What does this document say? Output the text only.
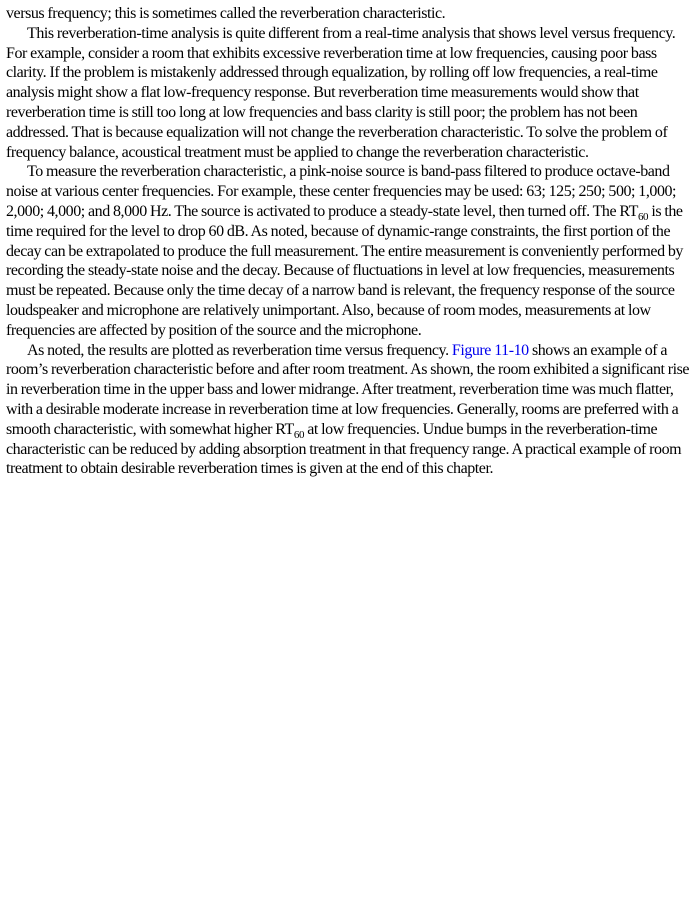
versus frequency; this is sometimes called the reverberation characteristic.

This reverberation-time analysis is quite different from a real-time analysis that shows level versus frequency. For example, consider a room that exhibits excessive reverberation time at low frequencies, causing poor bass clarity. If the problem is mistakenly addressed through equalization, by rolling off low frequencies, a real-time analysis might show a flat low-frequency response. But reverberation time measurements would show that reverberation time is still too long at low frequencies and bass clarity is still poor; the problem has not been addressed. That is because equalization will not change the reverberation characteristic. To solve the problem of frequency balance, acoustical treatment must be applied to change the reverberation characteristic.

To measure the reverberation characteristic, a pink-noise source is band-pass filtered to produce octave-band noise at various center frequencies. For example, these center frequencies may be used: 63; 125; 250; 500; 1,000; 2,000; 4,000; and 8,000 Hz. The source is activated to produce a steady-state level, then turned off. The $RT_{60}$ is the time required for the level to drop 60 dB. As noted, because of dynamic-range constraints, the first portion of the decay can be extrapolated to produce the full measurement. The entire measurement is conveniently performed by recording the steady-state noise and the decay. Because of fluctuations in level at low frequencies, measurements must be repeated. Because only the time decay of a narrow band is relevant, the frequency response of the source loudspeaker and microphone are relatively unimportant. Also, because of room modes, measurements at low frequencies are affected by position of the source and the microphone.

As noted, the results are plotted as reverberation time versus frequency. Figure 11-10 shows an example of a room’s reverberation characteristic before and after room treatment. As shown, the room exhibited a significant rise in reverberation time in the upper bass and lower midrange. After treatment, reverberation time was much flatter, with a desirable moderate increase in reverberation time at low frequencies. Generally, rooms are preferred with a smooth characteristic, with somewhat higher $RT_{60}$ at low frequencies. Undue bumps in the reverberation-time characteristic can be reduced by adding absorption treatment in that frequency range. A practical example of room treatment to obtain desirable reverberation times is given at the end of this chapter.
